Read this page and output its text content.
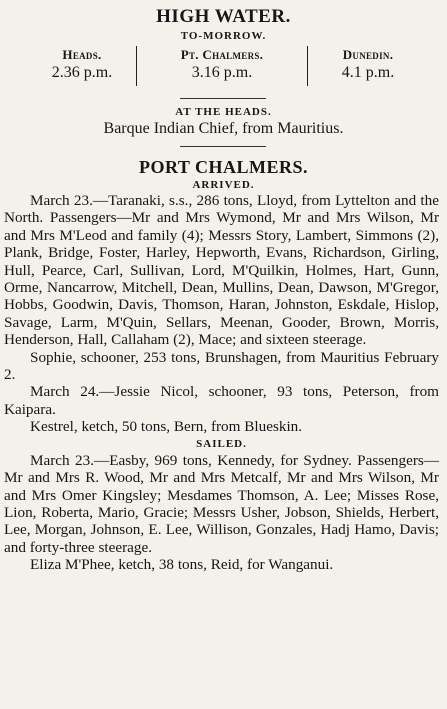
HIGH WATER.
TO-MORROW.
Heads.
2.36 p.m.
Pt. Chalmers.
3.16 p.m.
Dunedin.
4.1 p.m.
AT THE HEADS.
Barque Indian Chief, from Mauritius.
PORT CHALMERS.
ARRIVED.

March 23.—Taranaki, s.s., 286 tons, Lloyd, from Lyttelton and the North. Passengers—Mr and Mrs Wymond, Mr and Mrs Wilson, Mr and Mrs M'Leod and family (4); Messrs Story, Lambert, Simmons (2), Plank, Bridge, Foster, Harley, Hepworth, Evans, Richardson, Girling, Hull, Pearce, Carl, Sullivan, Lord, M'Quilkin, Holmes, Hart, Gunn, Orme, Nancarrow, Mitchell, Dean, Mullins, Dean, Dawson, M'Gregor, Hobbs, Goodwin, Davis, Thomson, Haran, Johnston, Eskdale, Hislop, Savage, Larm, M'Quin, Sellars, Meenan, Gooder, Brown, Morris, Henderson, Hall, Callaham (2), Mace; and sixteen steerage.

Sophie, schooner, 253 tons, Brunshagen, from Mauritius February 2.

March 24.—Jessie Nicol, schooner, 93 tons, Peterson, from Kaipara.

Kestrel, ketch, 50 tons, Bern, from Blueskin.

SAILED.

March 23.—Easby, 969 tons, Kennedy, for Sydney. Passengers—Mr and Mrs R. Wood, Mr and Mrs Metcalf, Mr and Mrs Wilson, Mr and Mrs Omer Kingsley; Mesdames Thomson, A. Lee; Misses Rose, Lion, Roberta, Mario, Gracie; Messrs Usher, Jobson, Shields, Herbert, Lee, Morgan, Johnson, E. Lee, Willison, Gonzales, Hadj Hamo, Davis; and forty-three steerage.

Eliza M'Phee, ketch, 38 tons, Reid, for Wanganui.
